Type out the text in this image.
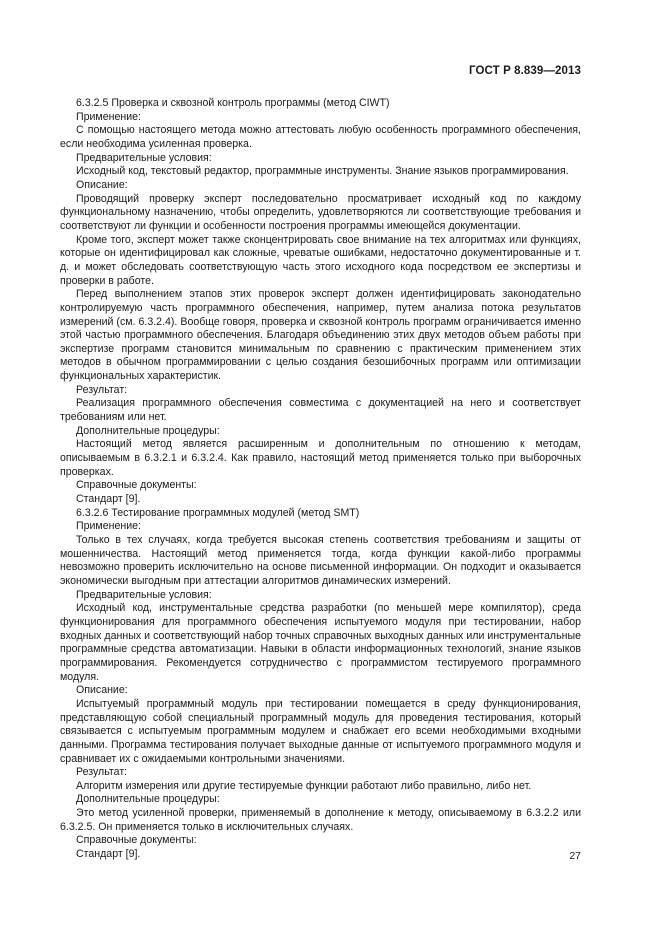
ГОСТ Р 8.839—2013

6.3.2.5 Проверка и сквозной контроль программы (метод CIWT)

Применение:

С помощью настоящего метода можно аттестовать любую особенность программного обеспечения, если необходима усиленная проверка.

Предварительные условия:

Исходный код, текстовый редактор, программные инструменты. Знание языков программирования.

Описание:

Проводящий проверку эксперт последовательно просматривает исходный код по каждому функциональному назначению, чтобы определить, удовлетворяются ли соответствующие требования и соответствуют ли функции и особенности построения программы имеющейся документации.

Кроме того, эксперт может также сконцентрировать свое внимание на тех алгоритмах или функциях, которые он идентифицировал как сложные, чреватые ошибками, недостаточно документированные и т. д. и может обследовать соответствующую часть этого исходного кода посредством ее экспертизы и проверки в работе.

Перед выполнением этапов этих проверок эксперт должен идентифицировать законодательно контролируемую часть программного обеспечения, например, путем анализа потока результатов измерений (см. 6.3.2.4). Вообще говоря, проверка и сквозной контроль программ ограничивается именно этой частью программного обеспечения. Благодаря объединению этих двух методов объем работы при экспертизе программ становится минимальным по сравнению с практическим применением этих методов в обычном программировании с целью создания безошибочных программ или оптимизации функциональных характеристик.

Результат:

Реализация программного обеспечения совместима с документацией на него и соответствует требованиям или нет.

Дополнительные процедуры:

Настоящий метод является расширенным и дополнительным по отношению к методам, описываемым в 6.3.2.1 и 6.3.2.4. Как правило, настоящий метод применяется только при выборочных проверках.

Справочные документы:

Стандарт [9].

6.3.2.6 Тестирование программных модулей (метод SMT)

Применение:

Только в тех случаях, когда требуется высокая степень соответствия требованиям и защиты от мошенничества. Настоящий метод применяется тогда, когда функции какой-либо программы невозможно проверить исключительно на основе письменной информации. Он подходит и оказывается экономически выгодным при аттестации алгоритмов динамических измерений.

Предварительные условия:

Исходный код, инструментальные средства разработки (по меньшей мере компилятор), среда функционирования для программного обеспечения испытуемого модуля при тестировании, набор входных данных и соответствующий набор точных справочных выходных данных или инструментальные программные средства автоматизации. Навыки в области информационных технологий, знание языков программирования. Рекомендуется сотрудничество с программистом тестируемого программного модуля.

Описание:

Испытуемый программный модуль при тестировании помещается в среду функционирования, представляющую собой специальный программный модуль для проведения тестирования, который связывается с испытуемым программным модулем и снабжает его всеми необходимыми входными данными. Программа тестирования получает выходные данные от испытуемого программного модуля и сравнивает их с ожидаемыми контрольными значениями.

Результат:

Алгоритм измерения или другие тестируемые функции работают либо правильно, либо нет.

Дополнительные процедуры:

Это метод усиленной проверки, применяемый в дополнение к методу, описываемому в 6.3.2.2 или 6.3.2.5. Он применяется только в исключительных случаях.

Справочные документы:

Стандарт [9].	27
